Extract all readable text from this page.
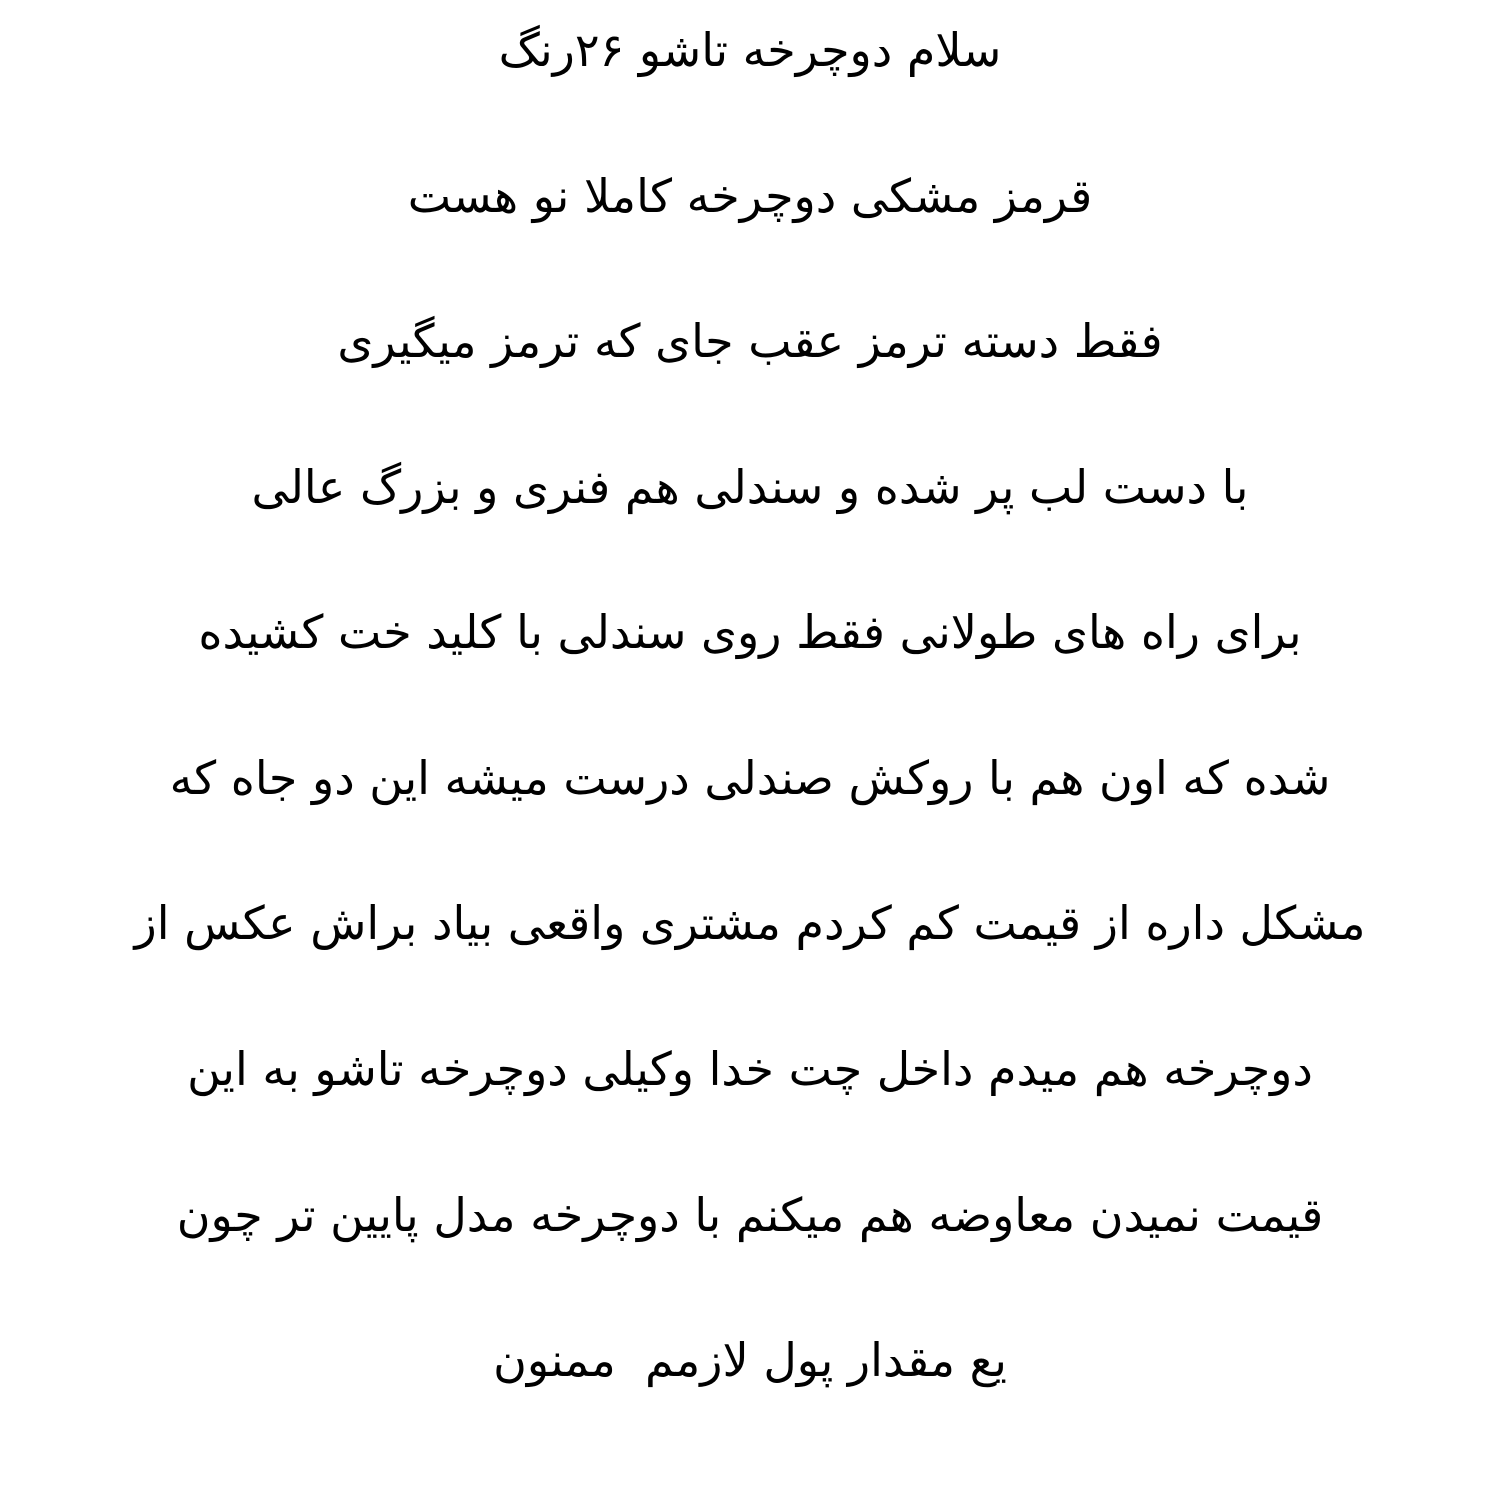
سلام دوچرخه تاشو ۲۶رنگ
قرمز مشکی دوچرخه کاملا نو هست
فقط دسته ترمز عقب جای که ترمز میگیری
با دست لب پر شده و سندلی هم فنری و بزرگ عالی
برای راه های طولانی فقط روی سندلی با کلید خت کشیده
شده که اون هم با روکش صندلی درست میشه این دو جاه که
مشکل داره از قیمت کم کردم مشتری واقعی بیاد براش عکس از
دوچرخه هم میدم داخل چت خدا وکیلی دوچرخه تاشو به این
قیمت نمیدن معاوضه هم میکنم با دوچرخه مدل پایین تر چون
یع مقدار پول لازمم  ممنون
